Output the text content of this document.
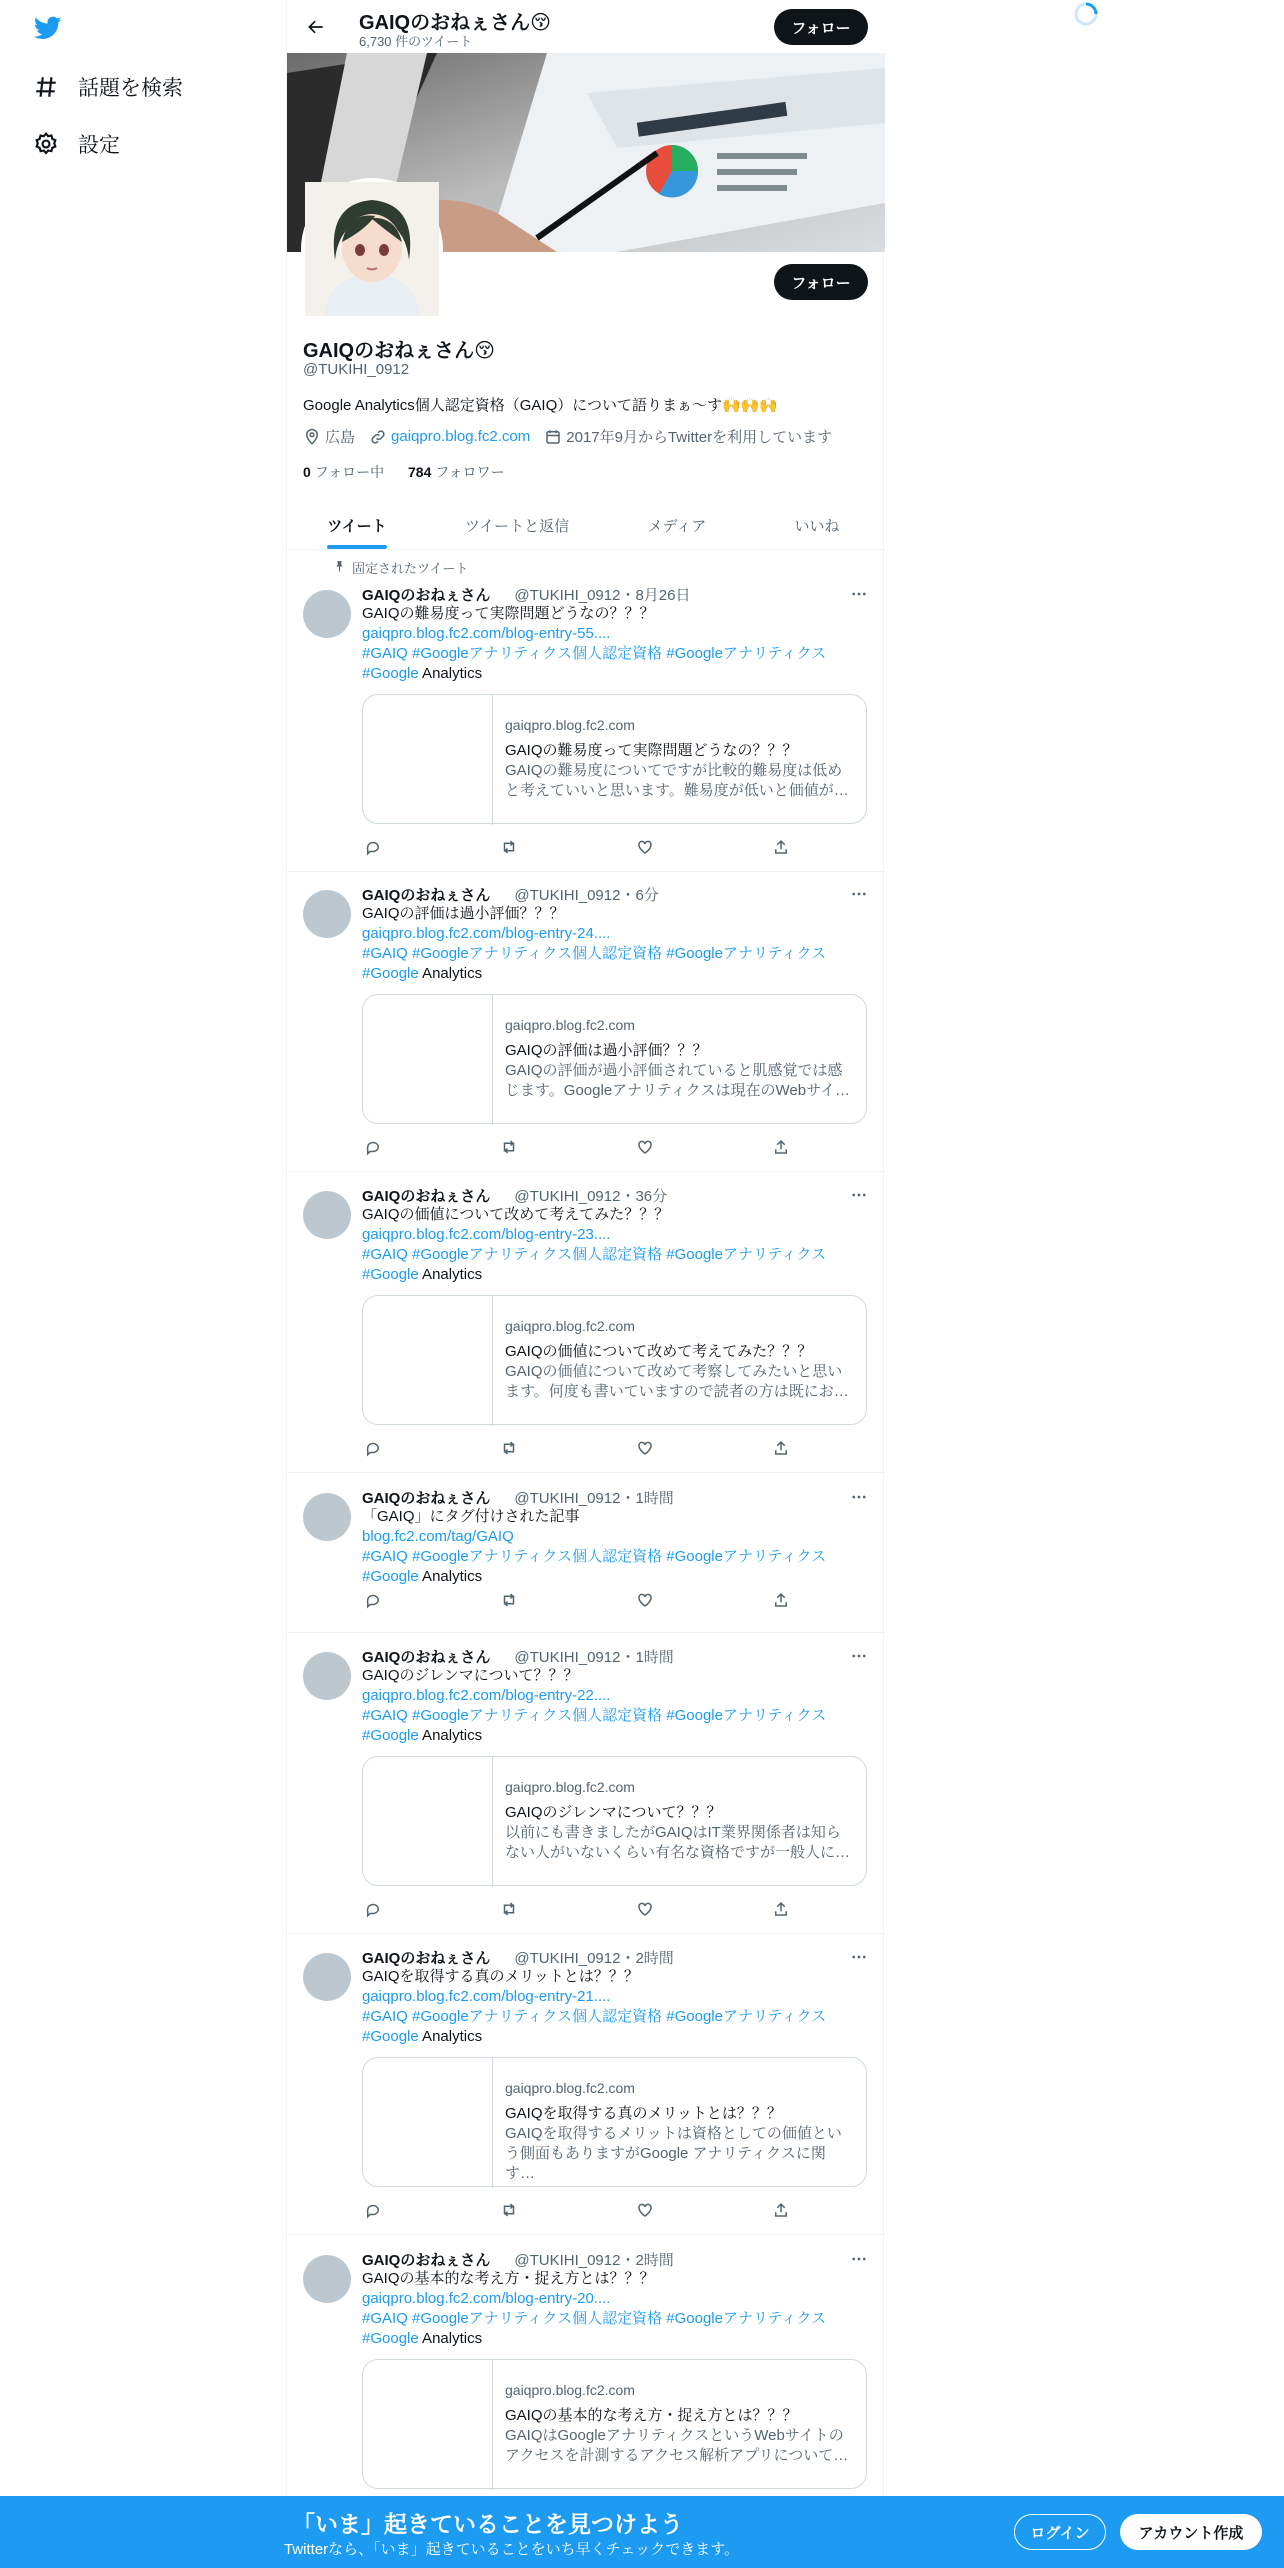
話題を検索
設定
GAIQのおねぇさん😚
6,730 件のツイート
フォロー
フォロー
GAIQのおねぇさん😚
@TUKIHI_0912
Google Analytics個人認定資格（GAIQ）について語りまぁ～す🙌🙌🙌
広島 gaiqpro.blog.fc2.com 2017年9月からTwitterを利用しています
0 フォロー中 784 フォロワー
ツイート	ツイートと返信	メディア	いいね
固定されたツイート
GAIQのおねぇさん @TUKIHI_0912・8月26日
GAIQの難易度って実際問題どうなの？？？
gaiqpro.blog.fc2.com/blog-entry-55....
#GAIQ #Googleアナリティクス個人認定資格 #Googleアナリティクス
#Google Analytics
gaiqpro.blog.fc2.com
GAIQの難易度って実際問題どうなの？？？
GAIQの難易度についてですが比較的難易度は低めと考えていいと思います。難易度が低いと価値が…
GAIQのおねぇさん @TUKIHI_0912・6分
GAIQの評価は過小評価？？？
gaiqpro.blog.fc2.com/blog-entry-24....
#GAIQ #Googleアナリティクス個人認定資格 #Googleアナリティクス
#Google Analytics
gaiqpro.blog.fc2.com
GAIQの評価は過小評価？？？
GAIQの評価が過小評価されていると肌感覚では感じます。Googleアナリティクスは現在のWebサイ…
GAIQのおねぇさん @TUKIHI_0912・36分
GAIQの価値について改めて考えてみた？？？
gaiqpro.blog.fc2.com/blog-entry-23....
#GAIQ #Googleアナリティクス個人認定資格 #Googleアナリティクス
#Google Analytics
gaiqpro.blog.fc2.com
GAIQの価値について改めて考えてみた？？？
GAIQの価値について改めて考察してみたいと思います。何度も書いていますので読者の方は既にお…
GAIQのおねぇさん @TUKIHI_0912・1時間
「GAIQ」にタグ付けされた記事
blog.fc2.com/tag/GAIQ
#GAIQ #Googleアナリティクス個人認定資格 #Googleアナリティクス
#Google Analytics
GAIQのおねぇさん @TUKIHI_0912・1時間
GAIQのジレンマについて？？？
gaiqpro.blog.fc2.com/blog-entry-22....
#GAIQ #Googleアナリティクス個人認定資格 #Googleアナリティクス
#Google Analytics
gaiqpro.blog.fc2.com
GAIQのジレンマについて？？？
以前にも書きましたがGAIQはIT業界関係者は知らない人がいないくらい有名な資格ですが一般人に…
GAIQのおねぇさん @TUKIHI_0912・2時間
GAIQを取得する真のメリットとは？？？
gaiqpro.blog.fc2.com/blog-entry-21....
#GAIQ #Googleアナリティクス個人認定資格 #Googleアナリティクス
#Google Analytics
gaiqpro.blog.fc2.com
GAIQを取得する真のメリットとは？？？
GAIQを取得するメリットは資格としての価値という側面もありますがGoogle アナリティクスに関す…
GAIQのおねぇさん @TUKIHI_0912・2時間
GAIQの基本的な考え方・捉え方とは？？？
gaiqpro.blog.fc2.com/blog-entry-20....
#GAIQ #Googleアナリティクス個人認定資格 #Googleアナリティクス
#Google Analytics
gaiqpro.blog.fc2.com
GAIQの基本的な考え方・捉え方とは？？？
GAIQはGoogleアナリティクスというWebサイトのアクセスを計測するアクセス解析アプリについて…
「いま」起きていることを見つけよう
Twitterなら、「いま」起きていることをいち早くチェックできます。
ログイン	アカウント作成
